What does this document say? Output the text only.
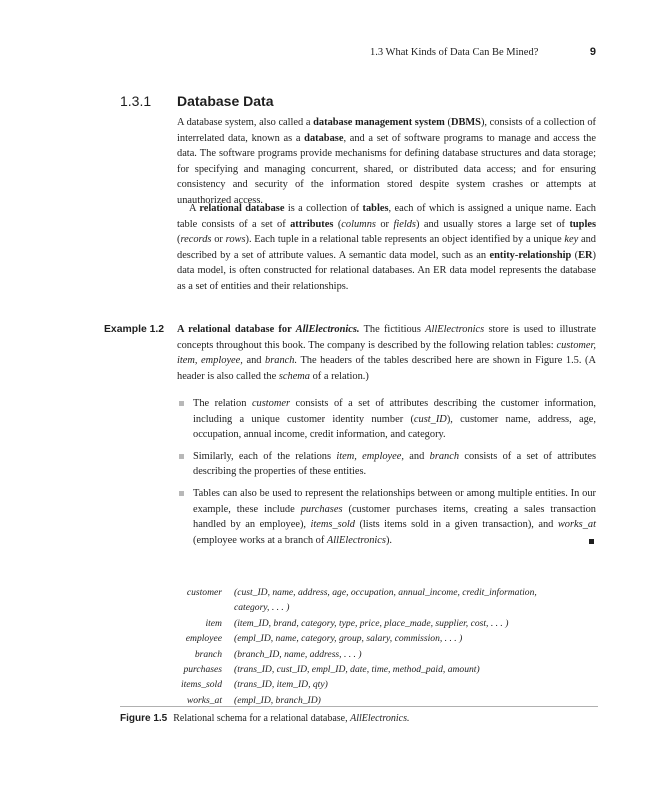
1.3 What Kinds of Data Can Be Mined?	9
1.3.1	Database Data

A database system, also called a database management system (DBMS), consists of a collection of interrelated data, known as a database, and a set of software programs to manage and access the data. The software programs provide mechanisms for defining database structures and data storage; for specifying and managing concurrent, shared, or distributed data access; and for ensuring consistency and security of the information stored despite system crashes or attempts at unauthorized access.

A relational database is a collection of tables, each of which is assigned a unique name. Each table consists of a set of attributes (columns or fields) and usually stores a large set of tuples (records or rows). Each tuple in a relational table represents an object identified by a unique key and described by a set of attribute values. A semantic data model, such as an entity-relationship (ER) data model, is often constructed for relational databases. An ER data model represents the database as a set of entities and their relationships.

Example 1.2 A relational database for AllElectronics. The fictitious AllElectronics store is used to illustrate concepts throughout this book. The company is described by the following relation tables: customer, item, employee, and branch. The headers of the tables described here are shown in Figure 1.5. (A header is also called the schema of a relation.)

The relation customer consists of a set of attributes describing the customer information, including a unique customer identity number (cust_ID), customer name, address, age, occupation, annual income, credit information, and category.
Similarly, each of the relations item, employee, and branch consists of a set of attributes describing the properties of these entities.
Tables can also be used to represent the relationships between or among multiple entities. In our example, these include purchases (customer purchases items, creating a sales transaction handled by an employee), items_sold (lists items sold in a given transaction), and works_at (employee works at a branch of AllElectronics).
customer	(cust_ID, name, address, age, occupation, annual_income, credit_information, category, . . . )
item	(item_ID, brand, category, type, price, place_made, supplier, cost, . . . )
employee	(empl_ID, name, category, group, salary, commission, . . . )
branch	(branch_ID, name, address, . . . )
purchases	(trans_ID, cust_ID, empl_ID, date, time, method_paid, amount)
items_sold	(trans_ID, item_ID, qty)
works_at	(empl_ID, branch_ID)
Figure 1.5 Relational schema for a relational database, AllElectronics.
